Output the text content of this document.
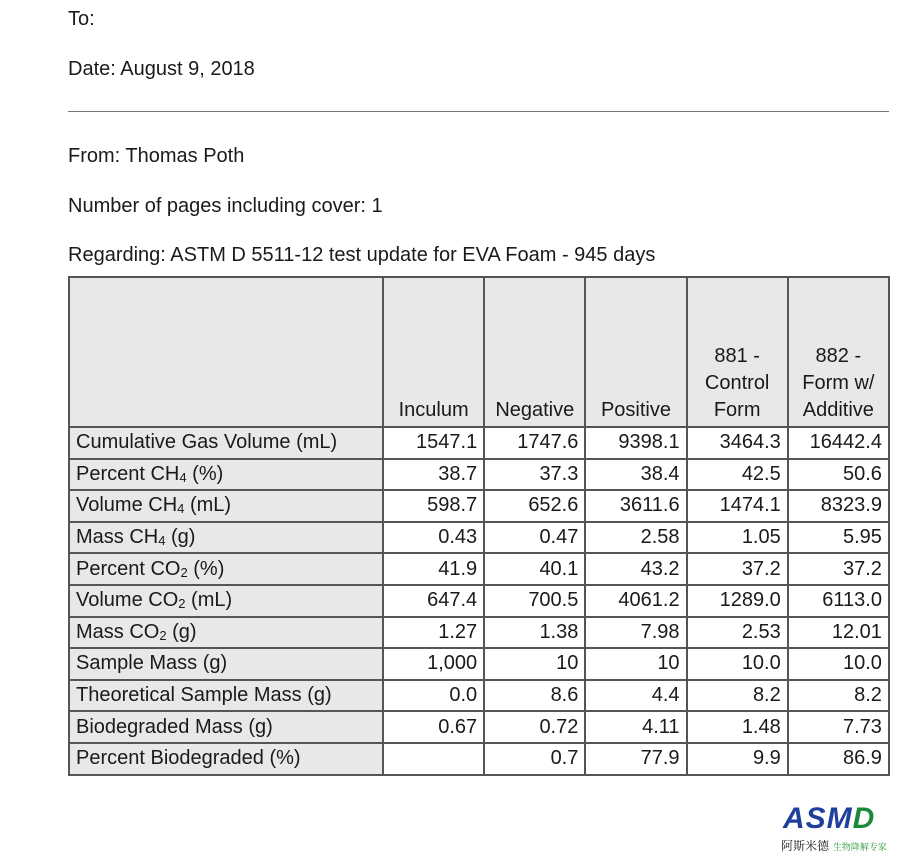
To:
Date: August 9, 2018
From: Thomas Poth
Number of pages including cover: 1
Regarding: ASTM D 5511-12 test update for EVA Foam - 945 days
	Inculum	Negative	Positive	881 - Control Form	882 - Form w/ Additive
Cumulative Gas Volume (mL)	1547.1	1747.6	9398.1	3464.3	16442.4
Percent $CH_4$ (%)	38.7	37.3	38.4	42.5	50.6
Volume $CH_4$ (mL)	598.7	652.6	3611.6	1474.1	8323.9
Mass $CH_4$ (g)	0.43	0.47	2.58	1.05	5.95
Percent $CO_2$ (%)	41.9	40.1	43.2	37.2	37.2
Volume $CO_2$ (mL)	647.4	700.5	4061.2	1289.0	6113.0
Mass $CO_2$ (g)	1.27	1.38	7.98	2.53	12.01
Sample Mass (g)	1,000	10	10	10.0	10.0
Theoretical Sample Mass (g)	0.0	8.6	4.4	8.2	8.2
Biodegraded Mass (g)	0.67	0.72	4.11	1.48	7.73
Percent Biodegraded (%)		0.7	77.9	9.9	86.9
ASMD
阿斯米德 生物降解专家
